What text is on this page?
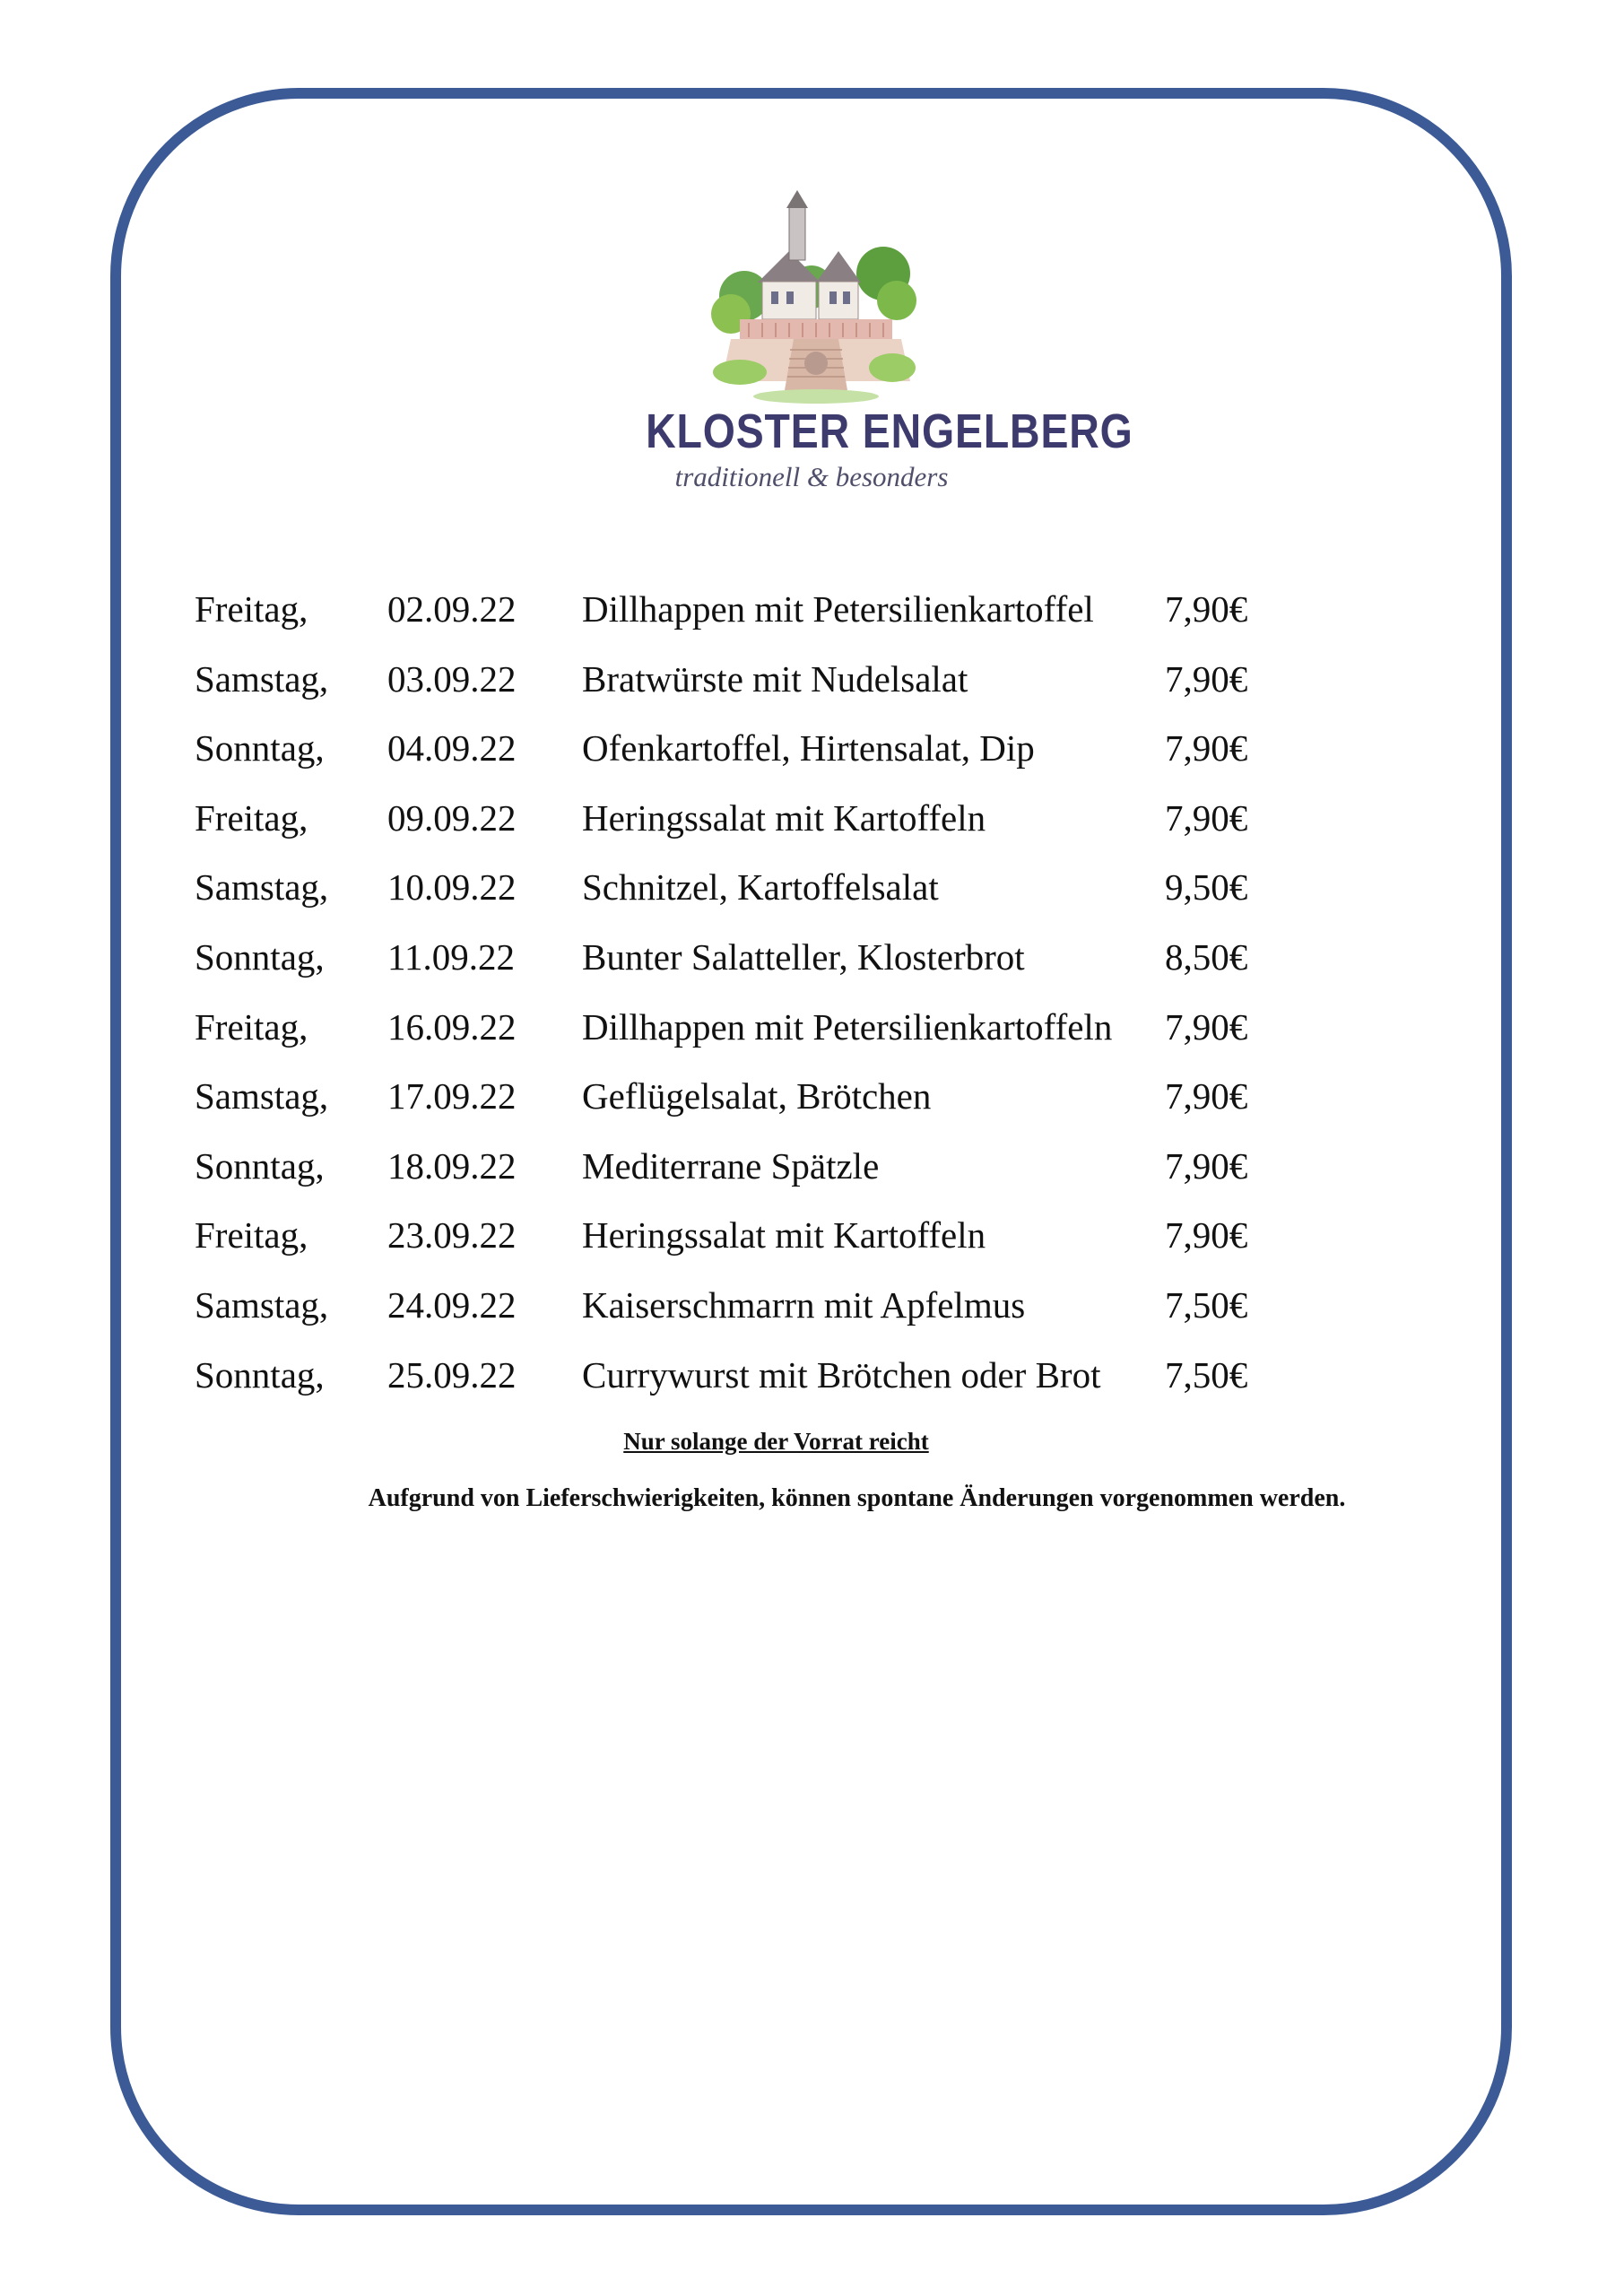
KLOSTER ENGELBERG
traditionell & besonders
Freitag, 02.09.22 Dillhappen mit Petersilienkartoffel 7,90€
Samstag, 03.09.22 Bratwürste mit Nudelsalat	7,90€
Sonntag, 04.09.22 Ofenkartoffel, Hirtensalat, Dip	7,90€
Freitag, 09.09.22 Heringssalat mit Kartoffeln	7,90€
Samstag, 10.09.22 Schnitzel, Kartoffelsalat	9,50€
Sonntag, 11.09.22 Bunter Salatteller, Klosterbrot	8,50€
Freitag, 16.09.22 Dillhappen mit Petersilienkartoffeln 7,90€
Samstag, 17.09.22 Geflügelsalat, Brötchen	7,90€
Sonntag, 18.09.22 Mediterrane Spätzle	7,90€
Freitag, 23.09.22 Heringssalat mit Kartoffeln	7,90€
Samstag, 24.09.22 Kaiserschmarrn mit Apfelmus	7,50€
Sonntag, 25.09.22 Currywurst mit Brötchen oder Brot 7,50€
Nur solange der Vorrat reicht
Aufgrund von Lieferschwierigkeiten, können spontane Änderungen vorgenommen werden.
